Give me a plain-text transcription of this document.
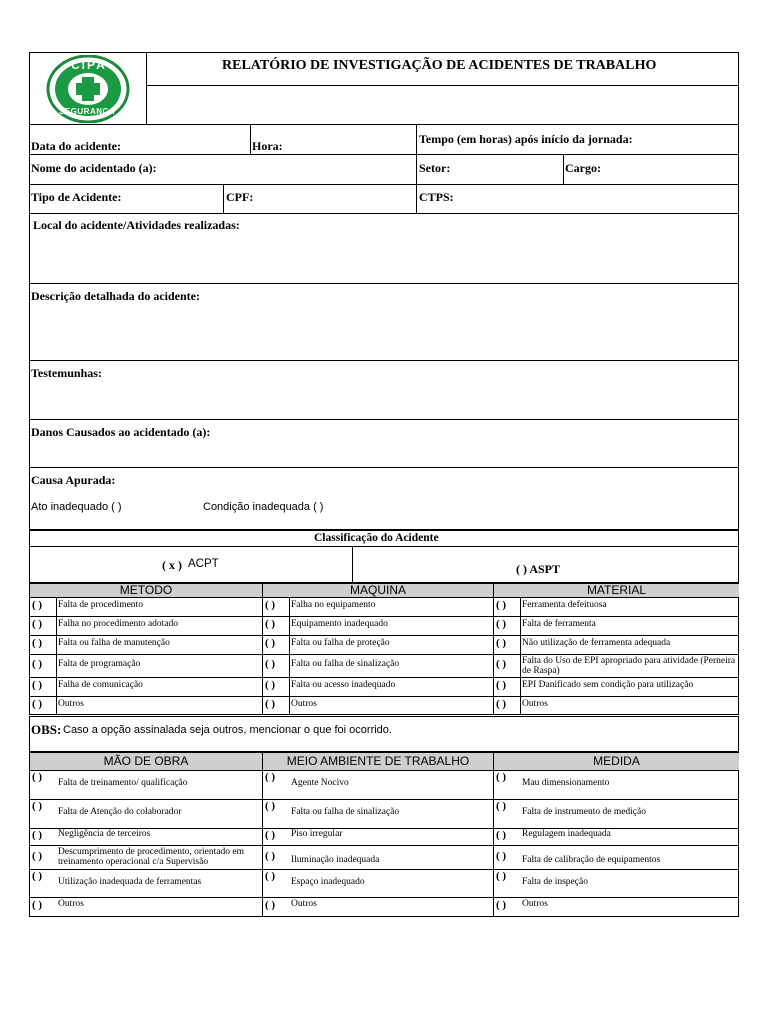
CIPA
SEGURANÇA
RELATÓRIO DE INVESTIGAÇÃO DE ACIDENTES DE TRABALHO
Data do acidente:	Hora:	Tempo (em horas) após início da jornada:
Nome do acidentado (a):	Setor:	Cargo:
Tipo de Acidente:	CPF:	CTPS:
Local do acidente/Atividades realizadas:
Descrição detalhada do acidente:
Testemunhas:
Danos Causados ao acidentado (a):
Causa Apurada:
Ato inadequado ( )	Condição inadequada ( )
Classificação do Acidente
( x ) ACPT	( ) ASPT
METODO	MAQUINA	MATERIAL
( ) Falta de procedimento	( ) Falha no equipamento	( ) Ferramenta defeituosa
( ) Falha no procedimento adotado	( ) Equipamento inadequado	( ) Falta de ferramenta
( ) Falta ou falha de manutenção	( ) Falta ou falha de proteção	( ) Não utilização de ferramenta adequada
( ) Falta de programação	( ) Falta ou falha de sinalização	( ) Falta do Uso de EPI apropriado para atividade (Perneira de Raspa)
( ) Falha de comunicação	( ) Falta ou acesso inadequado	( ) EPI Danificado sem condição para utilização
( ) Outros	( ) Outros	( ) Outros
OBS: Caso a opção assinalada seja outros, mencionar o que foi ocorrido.
MÃO DE OBRA	MEIO AMBIENTE DE TRABALHO	MEDIDA
( ) Falta de treinamento/ qualificação	( ) Agente Nocivo	( ) Mau dimensionamento
( ) Falta de Atenção do colaborador	( ) Falta ou falha de sinalização	( ) Falta de instrumento de medição
( ) Negligência de terceiros	( ) Piso irregular	( ) Regulagem inadequada
( ) Descumprimento de procedimento, orientado em treinamento operacional c/a Supervisão	( ) Iluminação inadequada	( ) Falta de calibração de equipamentos
( ) Utilização inadequada de ferramentas	( ) Espaço inadequado	( ) Falta de inspeção
( ) Outros	( ) Outros	( ) Outros
